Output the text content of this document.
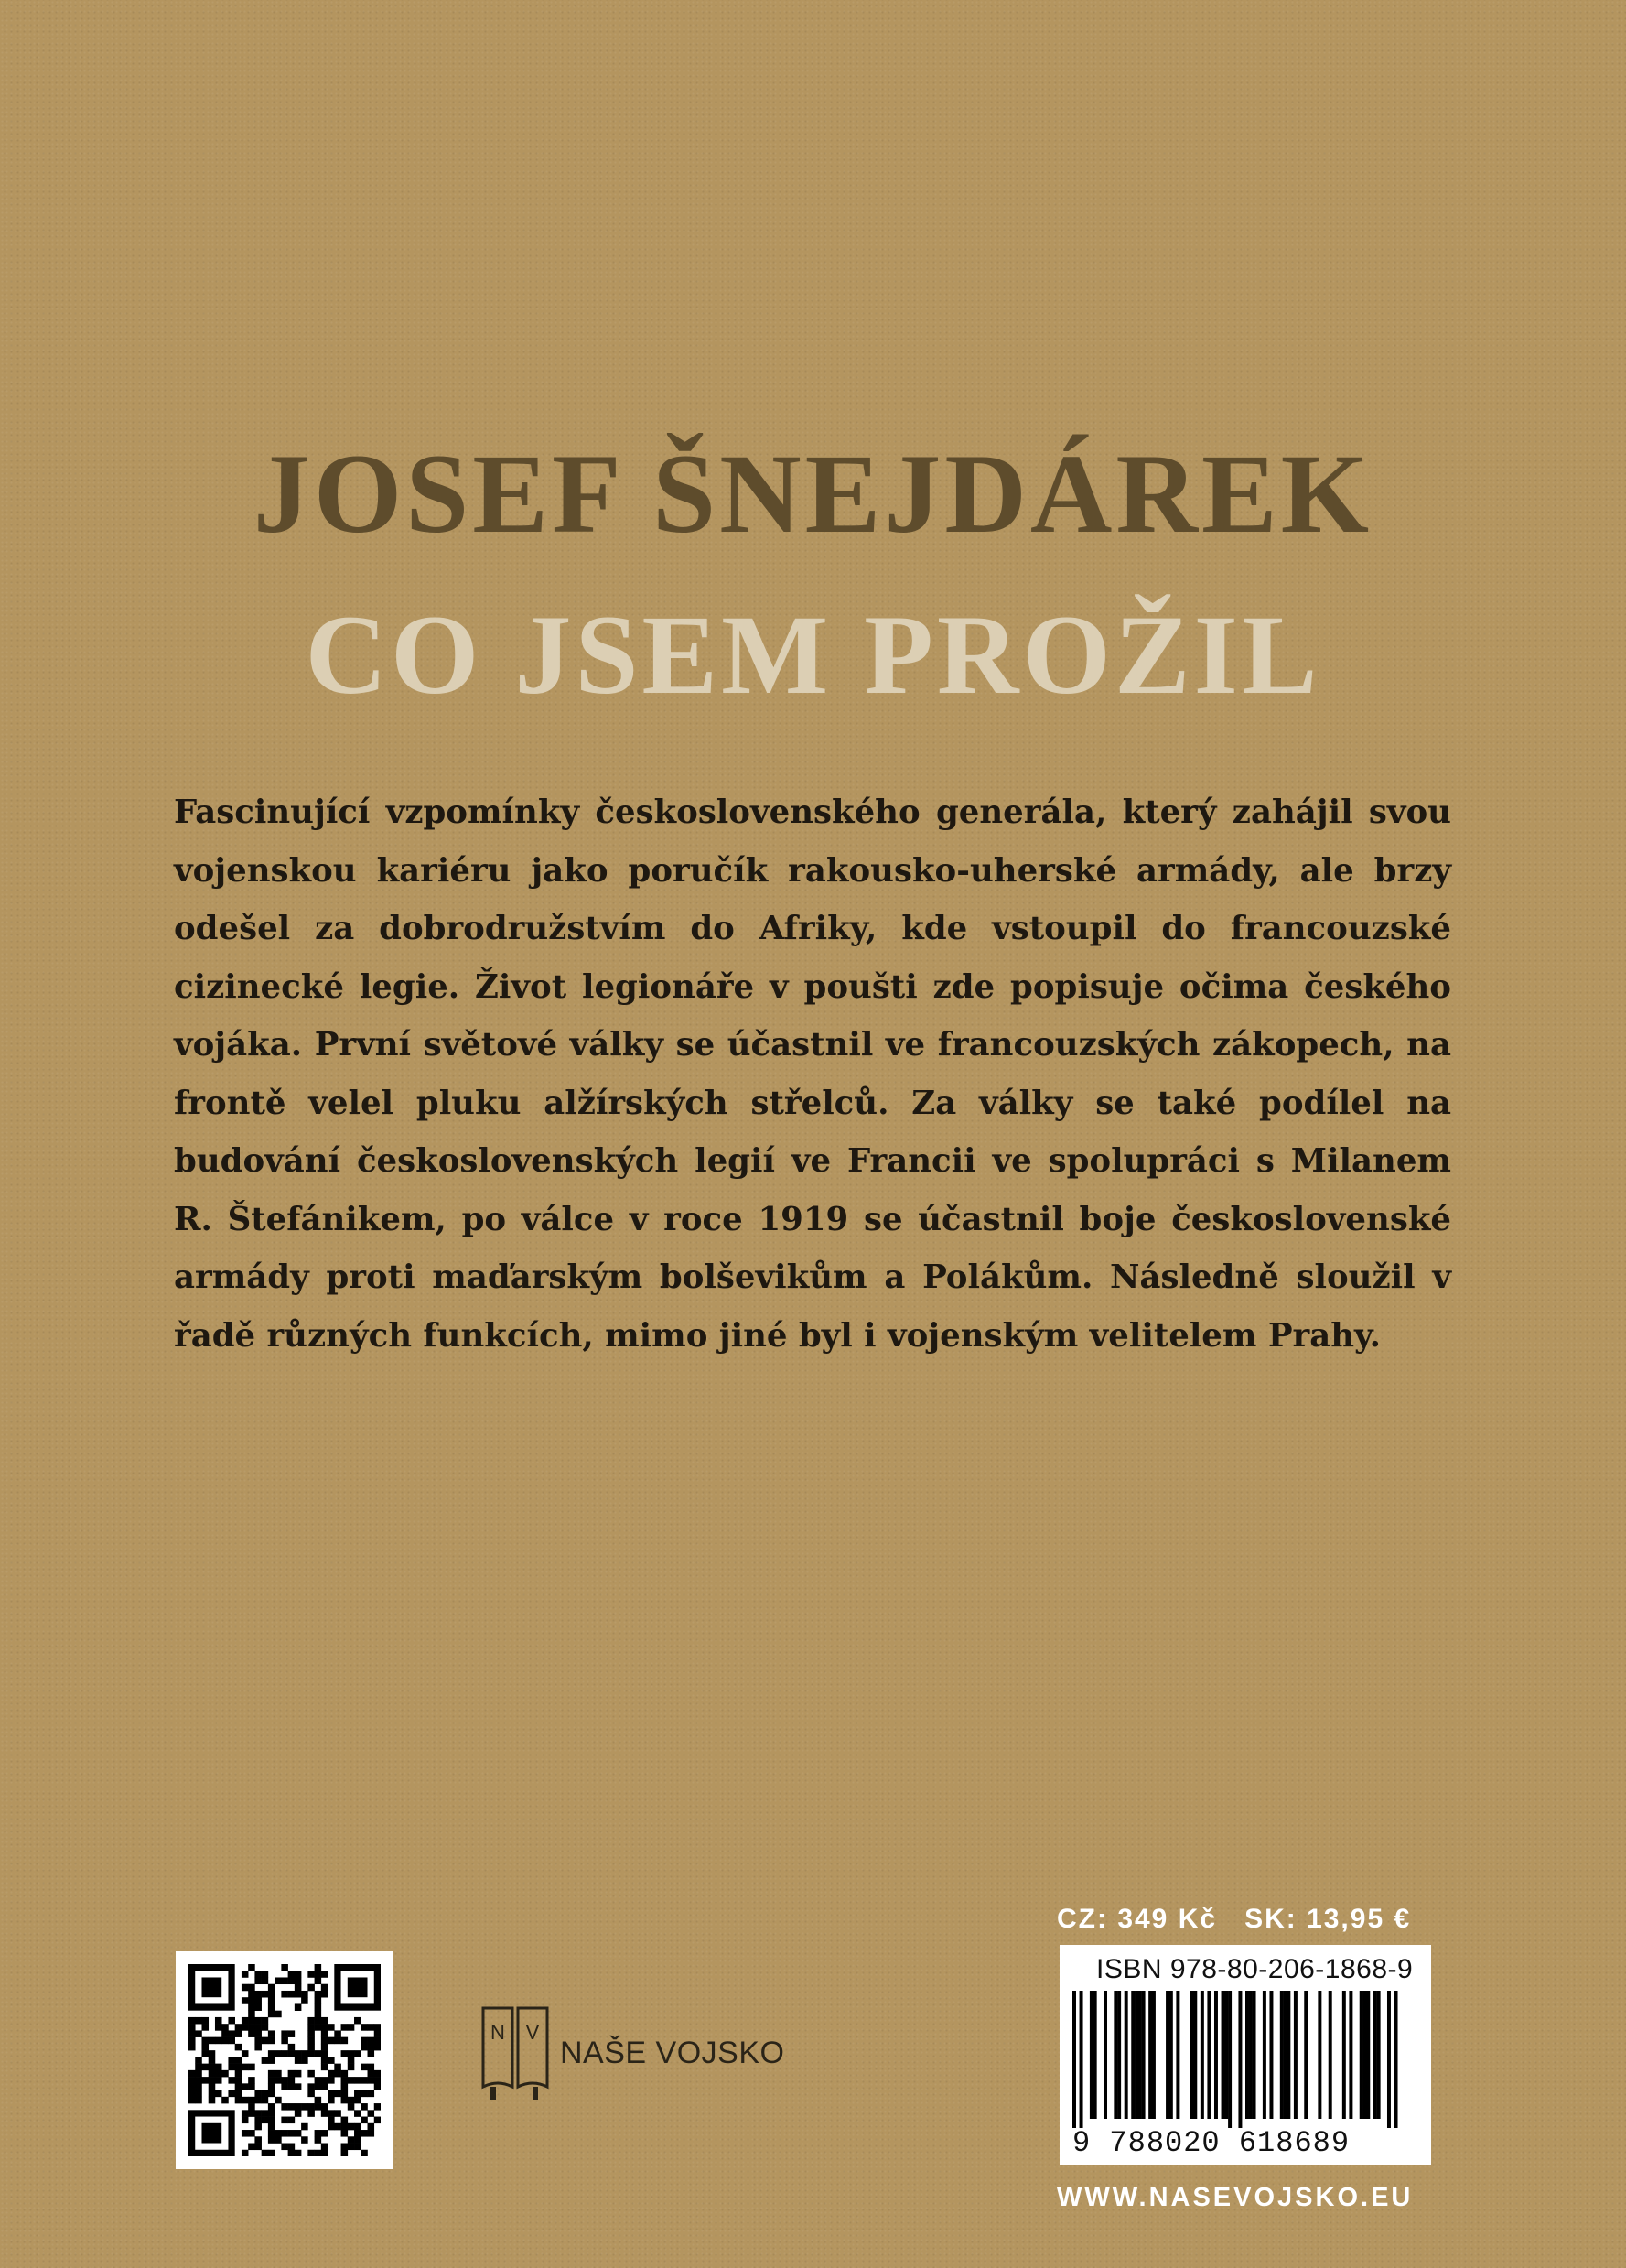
JOSEF ŠNEJDÁREK
CO JSEM PROŽIL

Fascinující vzpomínky československého generála, který zahájil svou vojenskou kariéru jako poručík rakousko-uherské armády, ale brzy odešel za dobrodružstvím do Afriky, kde vstoupil do francouzské cizinecké legie. Život legionáře v poušti zde popisuje očima českého vojáka. První světové války se účastnil ve francouzských zákopech, na frontě velel pluku alžírských střelců. Za války se také podílel na budování československých legií ve Francii ve spolupráci s Milanem R. Štefánikem, po válce v roce 1919 se účastnil boje československé armády proti maďarským bolševikům a Polákům. Následně sloužil v řadě různých funkcích, mimo jiné byl i vojenským velitelem Prahy.

N V
NAŠE VOJSKO
CZ: 349 Kč SK: 13,95 €
ISBN 978-80-206-1868-9
9 788020 618689
WWW.NASEVOJSKO.EU
